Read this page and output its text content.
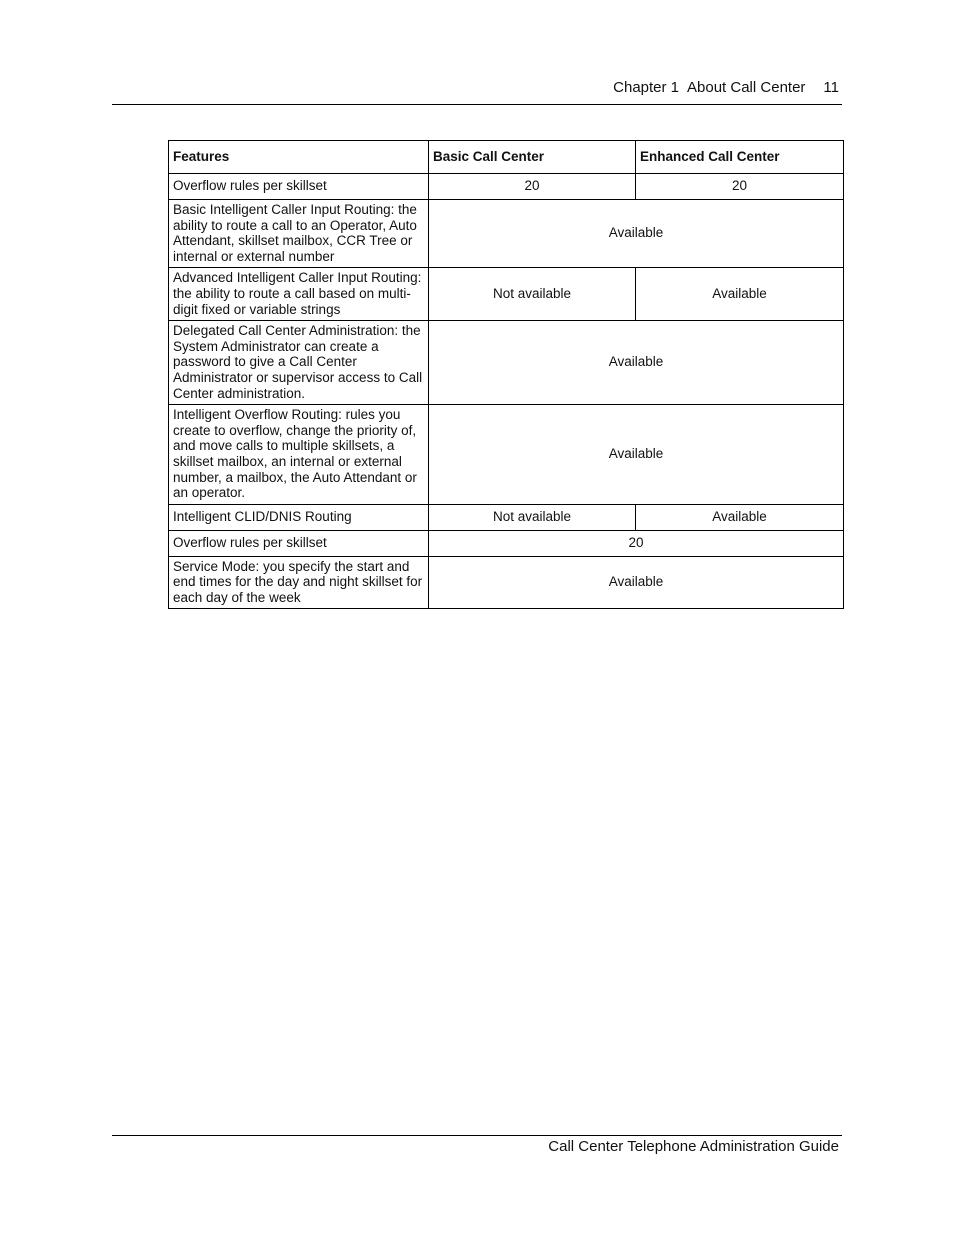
Chapter 1 About Call Center 11
Features	Basic Call Center	Enhanced Call Center
Overflow rules per skillset	20	20
Basic Intelligent Caller Input Routing: the ability to route a call to an Operator, Auto Attendant, skillset mailbox, CCR Tree or internal or external number	Available	
Advanced Intelligent Caller Input Routing: the ability to route a call based on multi-digit fixed or variable strings	Not available	Available
Delegated Call Center Administration: the System Administrator can create a password to give a Call Center Administrator or supervisor access to Call Center administration.	Available	
Intelligent Overflow Routing: rules you create to overflow, change the priority of, and move calls to multiple skillsets, a skillset mailbox, an internal or external number, a mailbox, the Auto Attendant or an operator.	Available	
Intelligent CLID/DNIS Routing	Not available	Available
Overflow rules per skillset	20	
Service Mode: you specify the start and end times for the day and night skillset for each day of the week	Available	
Call Center Telephone Administration Guide
